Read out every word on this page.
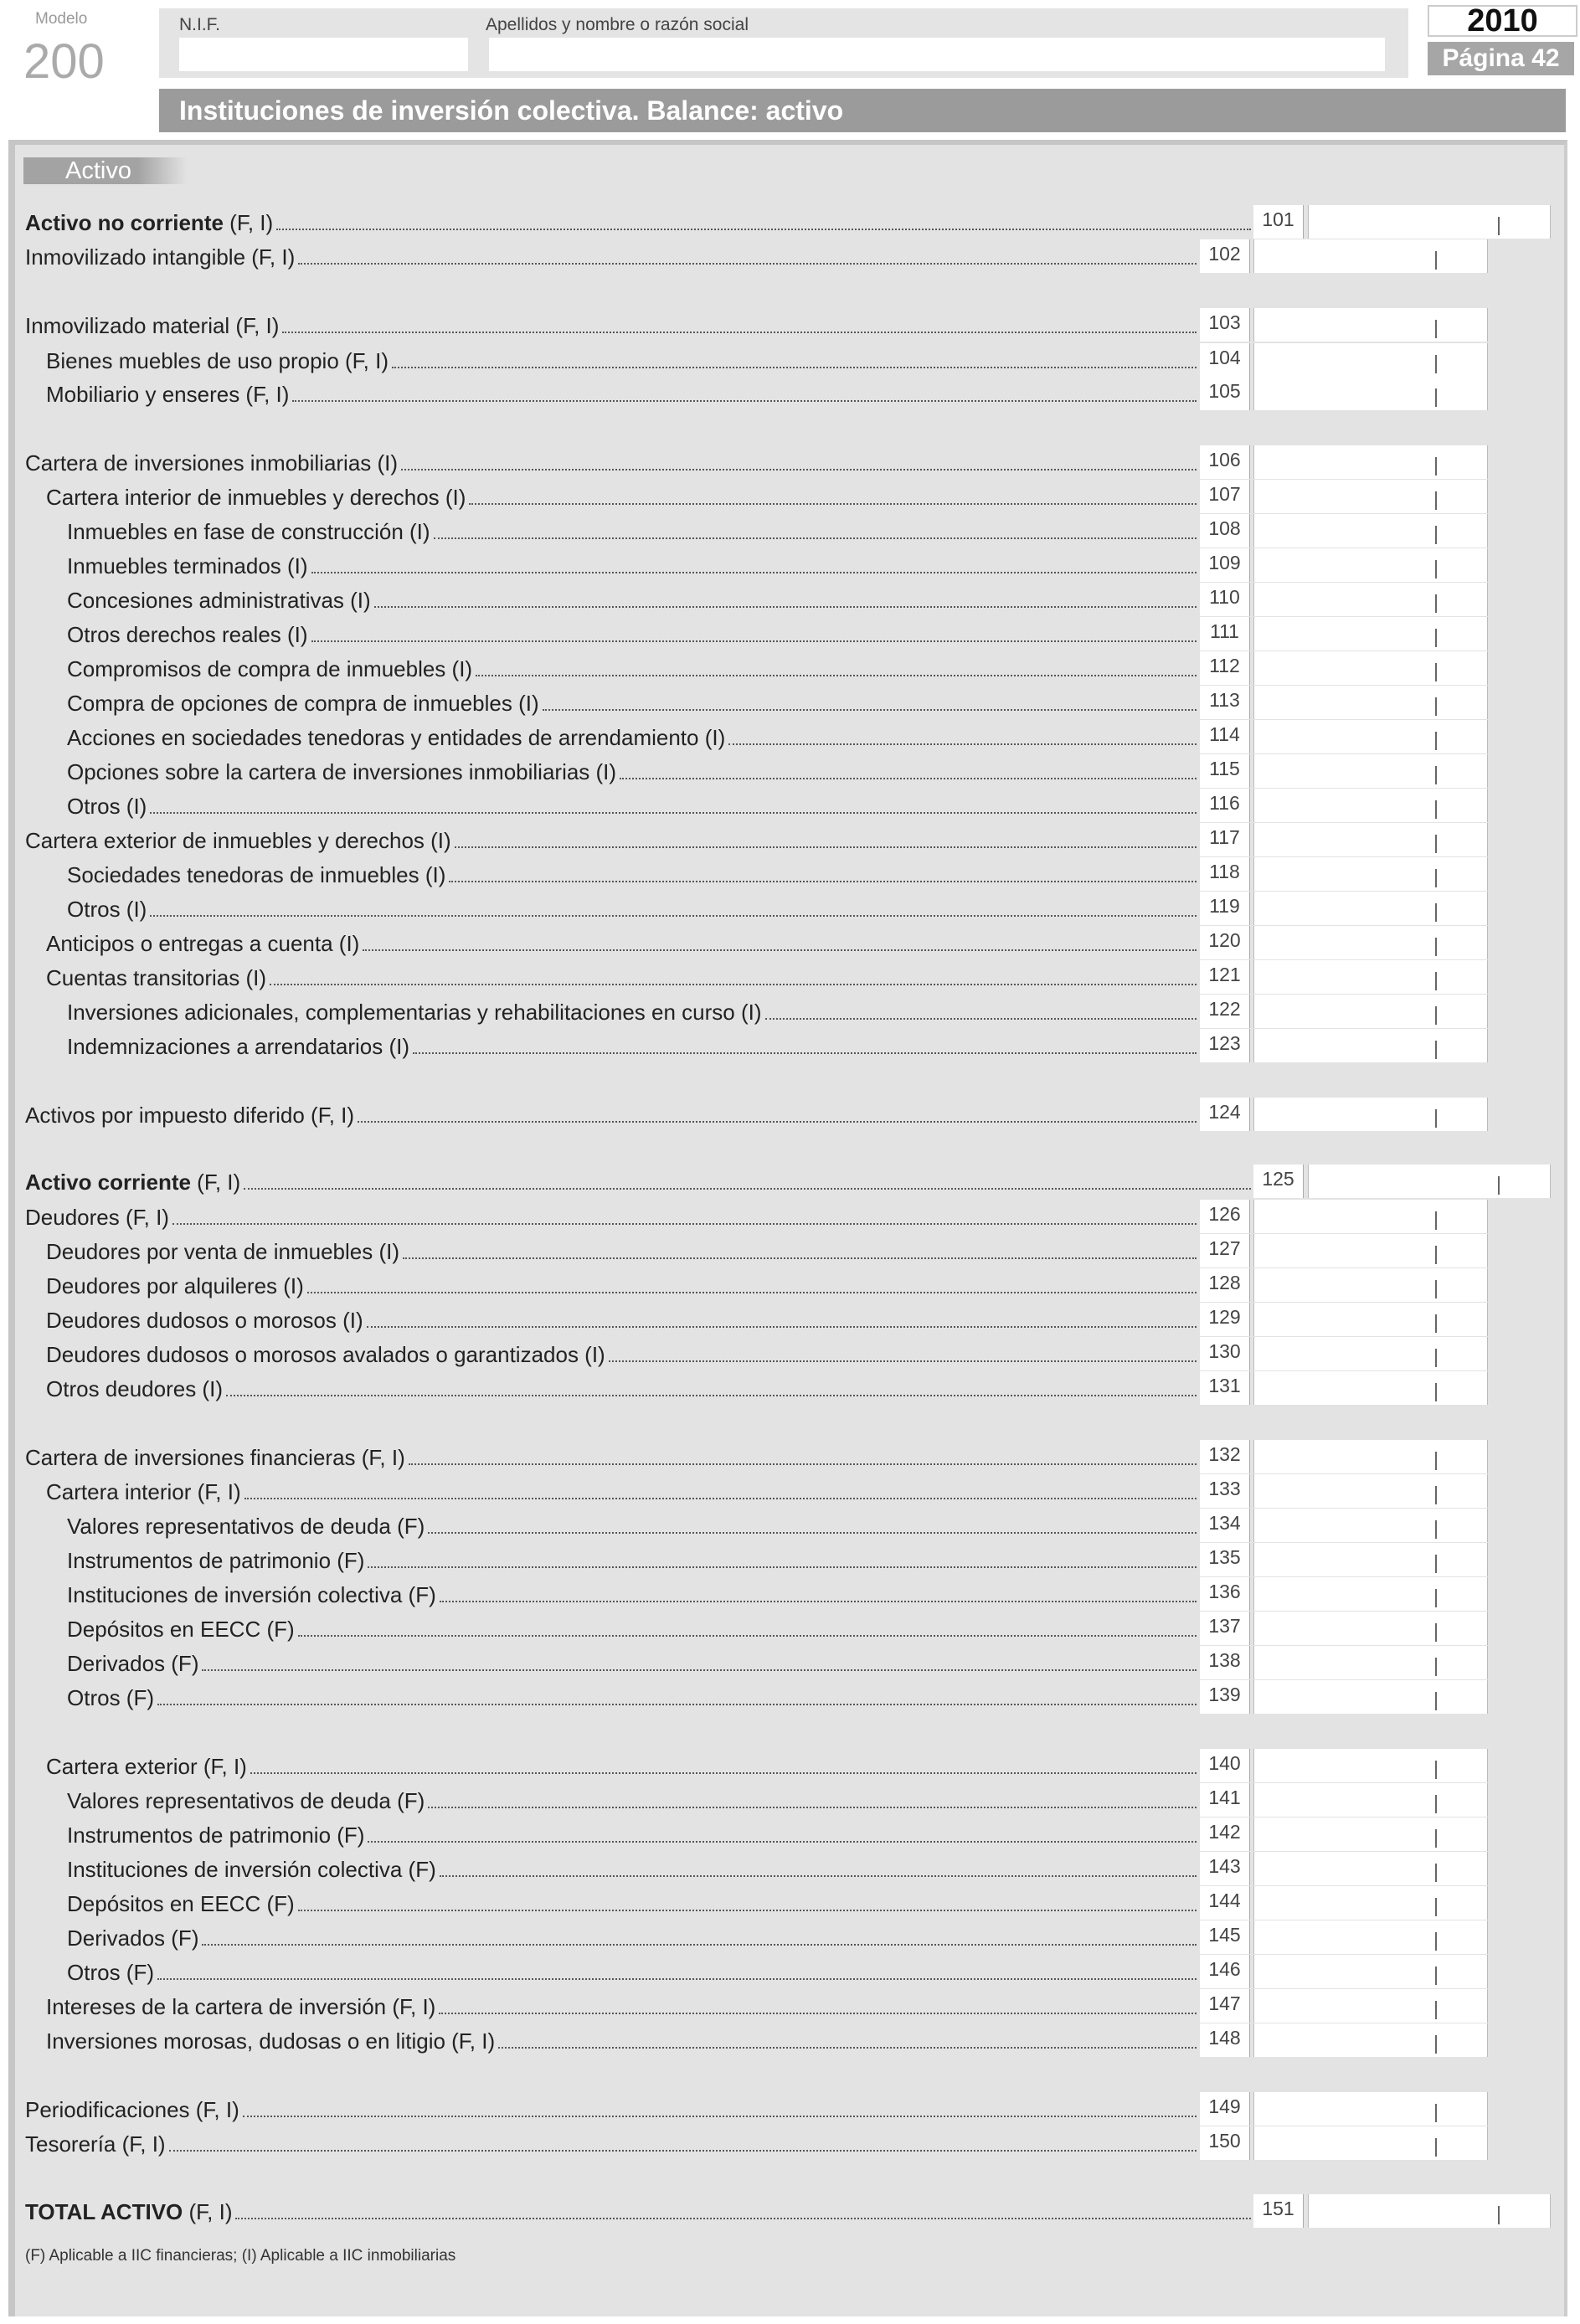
Modelo
200
N.I.F.	Apellidos y nombre o razón social	2010
Página 42
Instituciones de inversión colectiva. Balance: activo
Activo
Activo no corriente (F, I)	101
Inmovilizado intangible (F, I)	102
Inmovilizado material (F, I)	103
Bienes muebles de uso propio (F, I)	104
Mobiliario y enseres (F, I)	105
Cartera de inversiones inmobiliarias (I)	106
Cartera interior de inmuebles y derechos (I)	107
Inmuebles en fase de construcción (I)	108
Inmuebles terminados (I)	109
Concesiones administrativas (I)	110
Otros derechos reales (I)	111
Compromisos de compra de inmuebles (I)	112
Compra de opciones de compra de inmuebles (I)	113
Acciones en sociedades tenedoras y entidades de arrendamiento (I)	114
Opciones sobre la cartera de inversiones inmobiliarias (I)	115
Otros (I)	116
Cartera exterior de inmuebles y derechos (I)	117
Sociedades tenedoras de inmuebles (I)	118
Otros (I)	119
Anticipos o entregas a cuenta (I)	120
Cuentas transitorias (I)	121
Inversiones adicionales, complementarias y rehabilitaciones en curso (I)	122
Indemnizaciones a arrendatarios (I)	123
Activos por impuesto diferido (F, I)	124
Activo corriente (F, I)	125
Deudores (F, I)	126
Deudores por venta de inmuebles (I)	127
Deudores por alquileres (I)	128
Deudores dudosos o morosos (I)	129
Deudores dudosos o morosos avalados o garantizados (I)	130
Otros deudores (I)	131
Cartera de inversiones financieras (F, I)	132
Cartera interior (F, I)	133
Valores representativos de deuda (F)	134
Instrumentos de patrimonio (F)	135
Instituciones de inversión colectiva (F)	136
Depósitos en EECC (F)	137
Derivados (F)	138
Otros (F)	139
Cartera exterior (F, I)	140
Valores representativos de deuda (F)	141
Instrumentos de patrimonio (F)	142
Instituciones de inversión colectiva (F)	143
Depósitos en EECC (F)	144
Derivados (F)	145
Otros (F)	146
Intereses de la cartera de inversión (F, I)	147
Inversiones morosas, dudosas o en litigio (F, I)	148
Periodificaciones (F, I)	149
Tesorería (F, I)	150
TOTAL ACTIVO (F, I)	151
(F) Aplicable a IIC financieras; (I) Aplicable a IIC inmobiliarias
